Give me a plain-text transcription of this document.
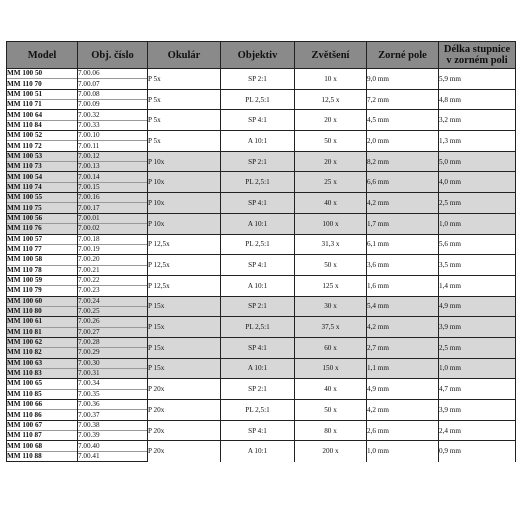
Model	Obj. číslo	Okulár	Objektiv	Zvětšení	Zorné pole	Délka stupnice
v zorném poli
MM 100 50	7.00.06	P 5x	SP 2:1	10 x	9,0 mm	5,9 mm
MM 110 70	7.00.07					
MM 100 51	7.00.08	P 5x	PL 2,5:1	12,5 x	7,2 mm	4,8 mm
MM 110 71	7.00.09					
MM 100 64	7.00.32	P 5x	SP 4:1	20 x	4,5 mm	3,2 mm
MM 110 84	7.00.33					
MM 100 52	7.00.10	P 5x	A 10:1	50 x	2,0 mm	1,3 mm
MM 110 72	7.00.11					
MM 100 53	7.00.12	P 10x	SP 2:1	20 x	8,2 mm	5,0 mm
MM 110 73	7.00.13					
MM 100 54	7.00.14	P 10x	PL 2,5:1	25 x	6,6 mm	4,0 mm
MM 110 74	7.00.15					
MM 100 55	7.00.16	P 10x	SP 4:1	40 x	4,2 mm	2,5 mm
MM 110 75	7.00.17					
MM 100 56	7.00.01	P 10x	A 10:1	100 x	1,7 mm	1,0 mm
MM 110 76	7.00.02					
MM 100 57	7.00.18	P 12,5x	PL 2,5:1	31,3 x	6,1 mm	5,6 mm
MM 110 77	7.00.19					
MM 100 58	7.00.20	P 12,5x	SP 4:1	50 x	3,6 mm	3,5 mm
MM 110 78	7.00.21					
MM 100 59	7.00.22	P 12,5x	A 10:1	125 x	1,6 mm	1,4 mm
MM 110 79	7.00.23					
MM 100 60	7.00.24	P 15x	SP 2:1	30 x	5,4 mm	4,9 mm
MM 110 80	7.00.25					
MM 100 61	7.00.26	P 15x	PL 2,5:1	37,5 x	4,2 mm	3,9 mm
MM 110 81	7.00.27					
MM 100 62	7.00.28	P 15x	SP 4:1	60 x	2,7 mm	2,5 mm
MM 110 82	7.00.29					
MM 100 63	7.00.30	P 15x	A 10:1	150 x	1,1 mm	1,0 mm
MM 110 83	7.00.31					
MM 100 65	7.00.34	P 20x	SP 2:1	40 x	4,9 mm	4,7 mm
MM 110 85	7.00.35					
MM 100 66	7.00.36	P 20x	PL 2,5:1	50 x	4,2 mm	3,9 mm
MM 110 86	7.00.37					
MM 100 67	7.00.38	P 20x	SP 4:1	80 x	2,6 mm	2,4 mm
MM 110 87	7.00.39					
MM 100 68	7.00.40	P 20x	A 10:1	200 x	1,0 mm	0,9 mm
MM 110 88	7.00.41					
